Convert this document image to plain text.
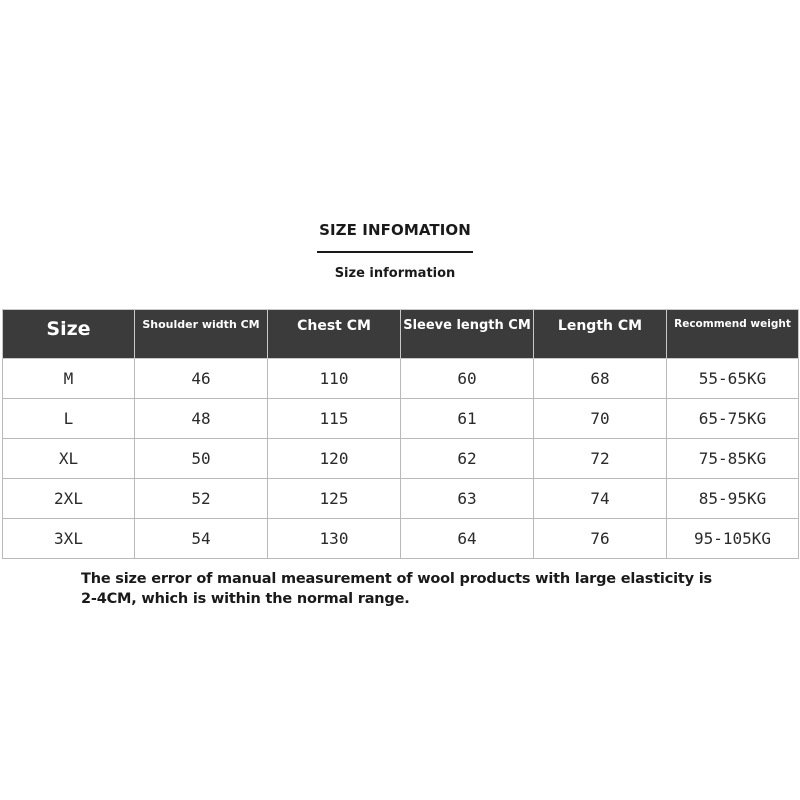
SIZE INFOMATION
Size information
Size	Shoulder width CM	Chest CM	Sleeve length CM	Length CM	Recommend weight
M	46	110	60	68	55-65KG
L	48	115	61	70	65-75KG
XL	50	120	62	72	75-85KG
2XL	52	125	63	74	85-95KG
3XL	54	130	64	76	95-105KG
The size error of manual measurement of wool products with large elasticity is
2-4CM, which is within the normal range.
